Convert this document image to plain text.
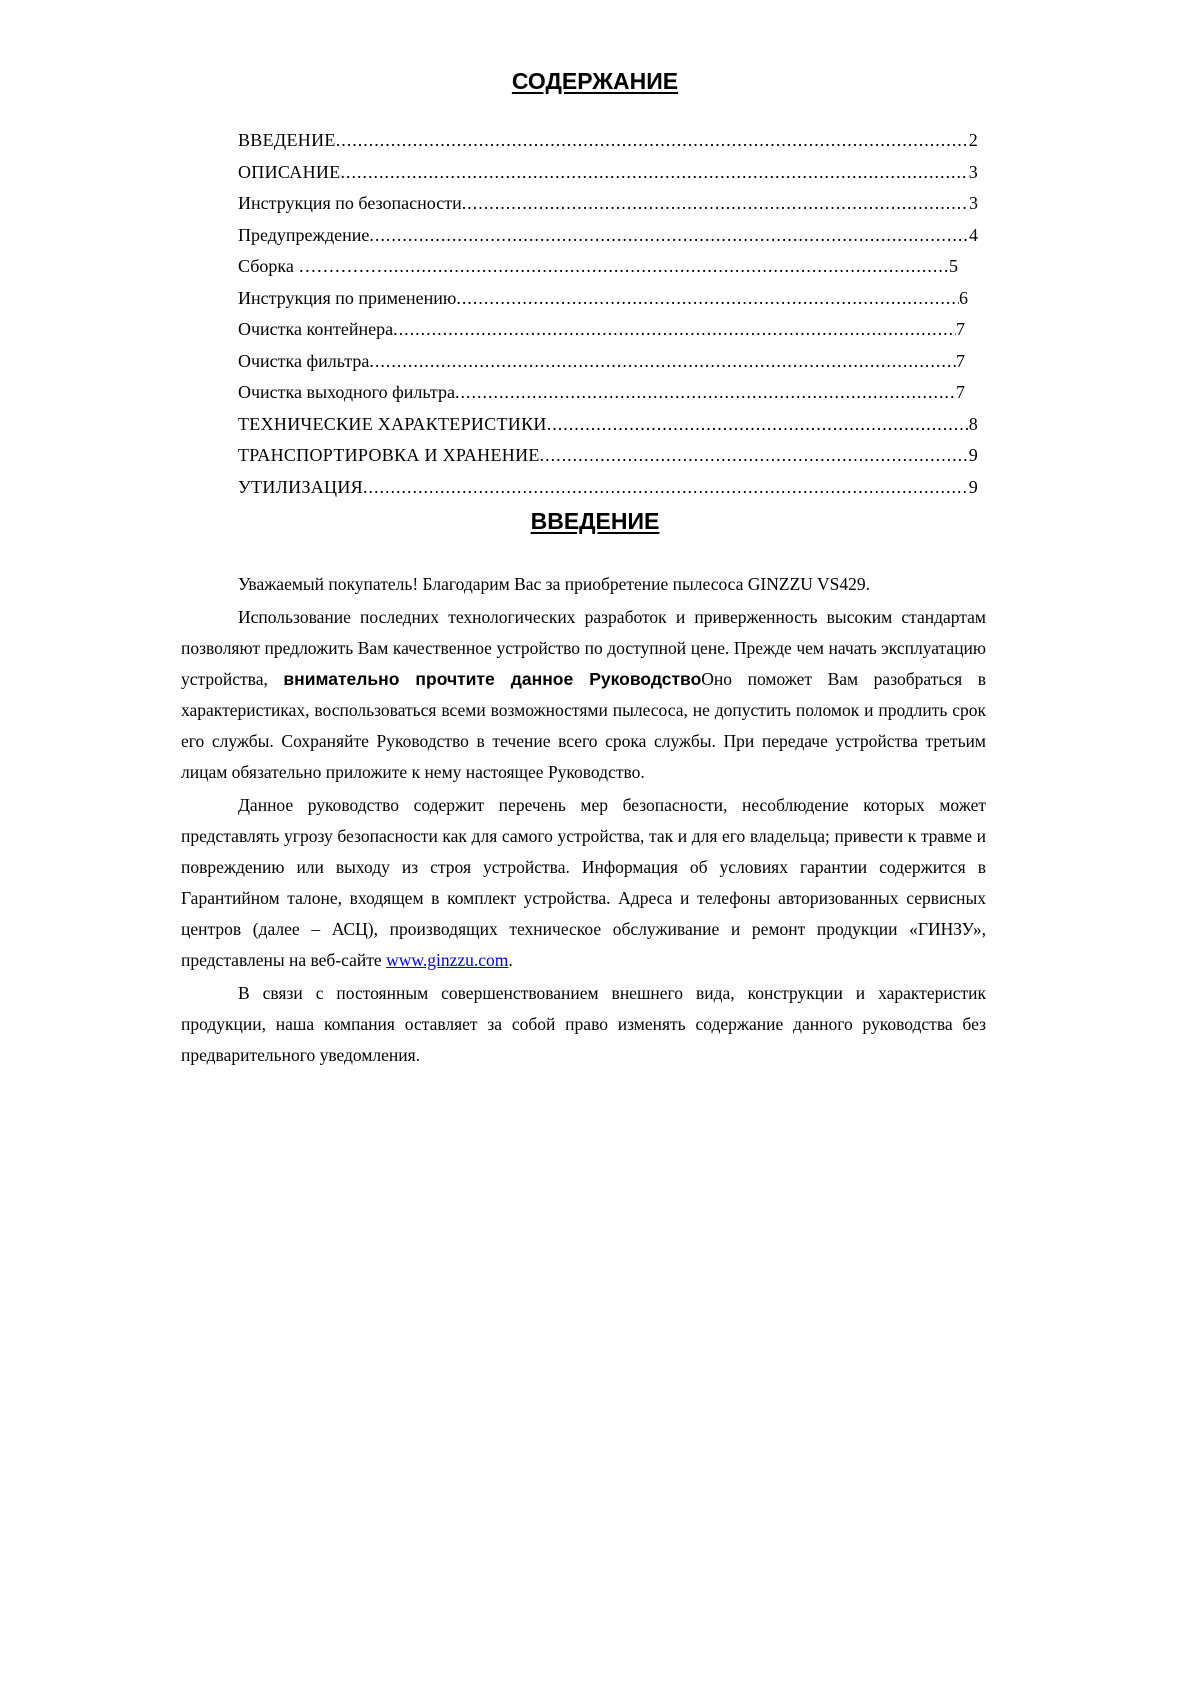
СОДЕРЖАНИЕ
ВВЕДЕНИЕ .....	2
ОПИСАНИЕ .....	3
Инструкция по безопасности .....	3
Предупреждение .....	4
Сборка …………… .....	5
Инструкция по применению .....	6
Очистка контейнера .....	7
Очистка фильтра .....	7
Очистка выходного фильтра .....	7
ТЕХНИЧЕСКИЕ ХАРАКТЕРИСТИКИ .....	8
ТРАНСПОРТИРОВКА И ХРАНЕНИЕ .....	9
УТИЛИЗАЦИЯ .....	9
ВВЕДЕНИЕ

Уважаемый покупатель! Благодарим Вас за приобретение пылесоса GINZZU VS429.

Использование последних технологических разработок и приверженность высоким стандартам позволяют предложить Вам качественное устройство по доступной цене. Прежде чем начать эксплуатацию устройства, внимательно прочтите данное РуководствоОно поможет Вам разобраться в характеристиках, воспользоваться всеми возможностями пылесоса, не допустить поломок и продлить срок его службы. Сохраняйте Руководство в течение всего срока службы. При передаче устройства третьим лицам обязательно приложите к нему настоящее Руководство.

Данное руководство содержит перечень мер безопасности, несоблюдение которых может представлять угрозу безопасности как для самого устройства, так и для его владельца; привести к травме и повреждению или выходу из строя устройства. Информация об условиях гарантии содержится в Гарантийном талоне, входящем в комплект устройства. Адреса и телефоны авторизованных сервисных центров (далее – АСЦ), производящих техническое обслуживание и ремонт продукции «ГИНЗУ», представлены на веб-сайте www.ginzzu.com.

В связи с постоянным совершенствованием внешнего вида, конструкции и характеристик продукции, наша компания оставляет за собой право изменять содержание данного руководства без предварительного уведомления.
